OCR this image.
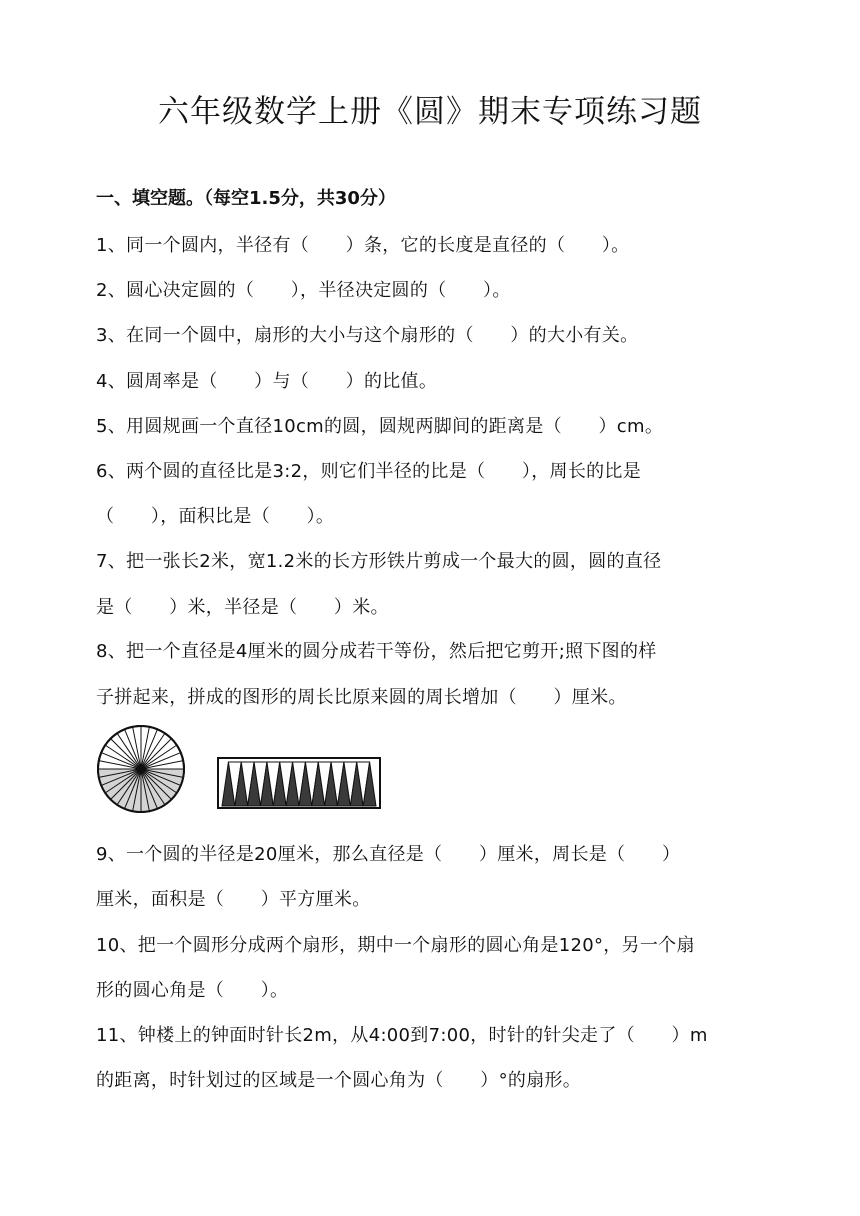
六年级数学上册《圆》期末专项练习题
一、填空题。（每空1.5分，共30分）
1、同一个圆内，半径有（　　）条，它的长度是直径的（　　）。
2、圆心决定圆的（　　），半径决定圆的（　　）。
3、在同一个圆中，扇形的大小与这个扇形的（　　）的大小有关。
4、圆周率是（　　）与（　　）的比值。
5、用圆规画一个直径10cm的圆，圆规两脚间的距离是（　　）cm。
6、两个圆的直径比是3:2，则它们半径的比是（　　），周长的比是
（　　），面积比是（　　）。
7、把一张长2米，宽1.2米的长方形铁片剪成一个最大的圆，圆的直径
是（　　）米，半径是（　　）米。
8、把一个直径是4厘米的圆分成若干等份，然后把它剪开;照下图的样
子拼起来，拼成的图形的周长比原来圆的周长增加（　　）厘米。
9、一个圆的半径是20厘米，那么直径是（　　）厘米，周长是（　　）
厘米，面积是（　　）平方厘米。
10、把一个圆形分成两个扇形，期中一个扇形的圆心角是120°，另一个扇
形的圆心角是（　　）。
11、钟楼上的钟面时针长2m，从4:00到7:00，时针的针尖走了（　　）m
的距离，时针划过的区域是一个圆心角为（　　）°的扇形。
